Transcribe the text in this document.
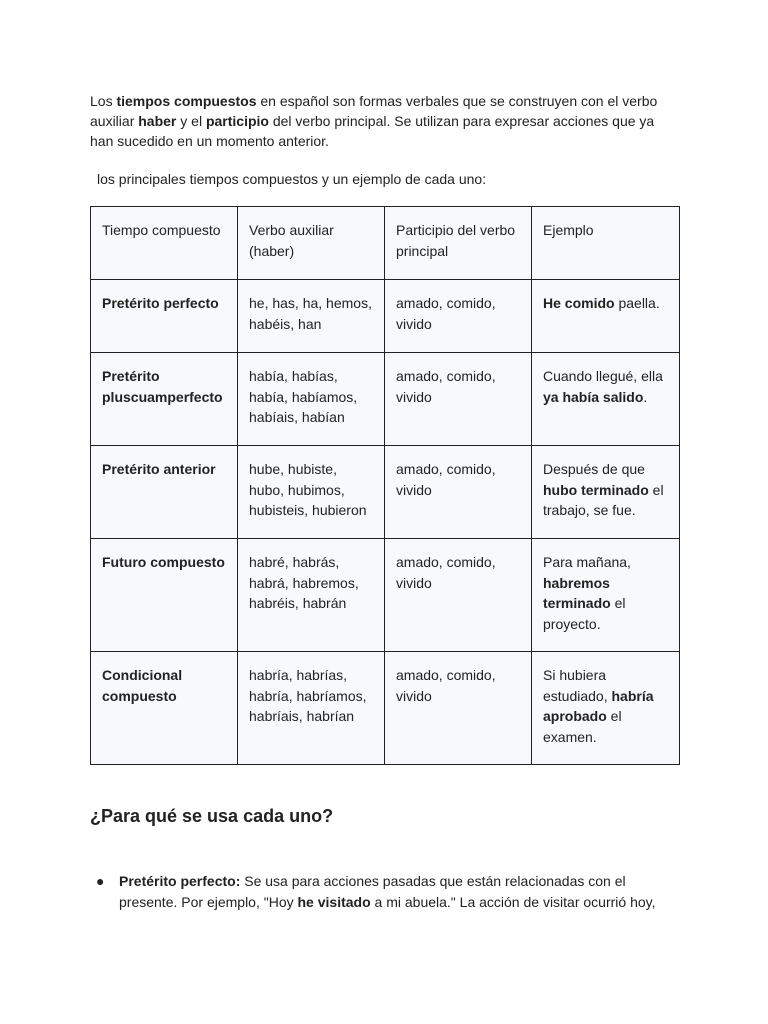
Los tiempos compuestos en español son formas verbales que se construyen con el verbo auxiliar haber y el participio del verbo principal. Se utilizan para expresar acciones que ya han sucedido en un momento anterior.

los principales tiempos compuestos y un ejemplo de cada uno:

Tiempo compuesto	Verbo auxiliar (haber)	Participio del verbo principal	Ejemplo
Pretérito perfecto	he, has, ha, hemos, habéis, han	amado, comido, vivido	He comido paella.
Pretérito pluscuamperfecto	había, habías, había, habíamos, habíais, habían	amado, comido, vivido	Cuando llegué, ella ya había salido.
Pretérito anterior	hube, hubiste, hubo, hubimos, hubisteis, hubieron	amado, comido, vivido	Después de que hubo terminado el trabajo, se fue.
Futuro compuesto	habré, habrás, habrá, habremos, habréis, habrán	amado, comido, vivido	Para mañana, habremos terminado el proyecto.
Condicional compuesto	habría, habrías, habría, habríamos, habríais, habrían	amado, comido, vivido	Si hubiera estudiado, habría aprobado el examen.
¿Para qué se usa cada uno?
● Pretérito perfecto: Se usa para acciones pasadas que están relacionadas con el presente. Por ejemplo, "Hoy he visitado a mi abuela." La acción de visitar ocurrió hoy,
